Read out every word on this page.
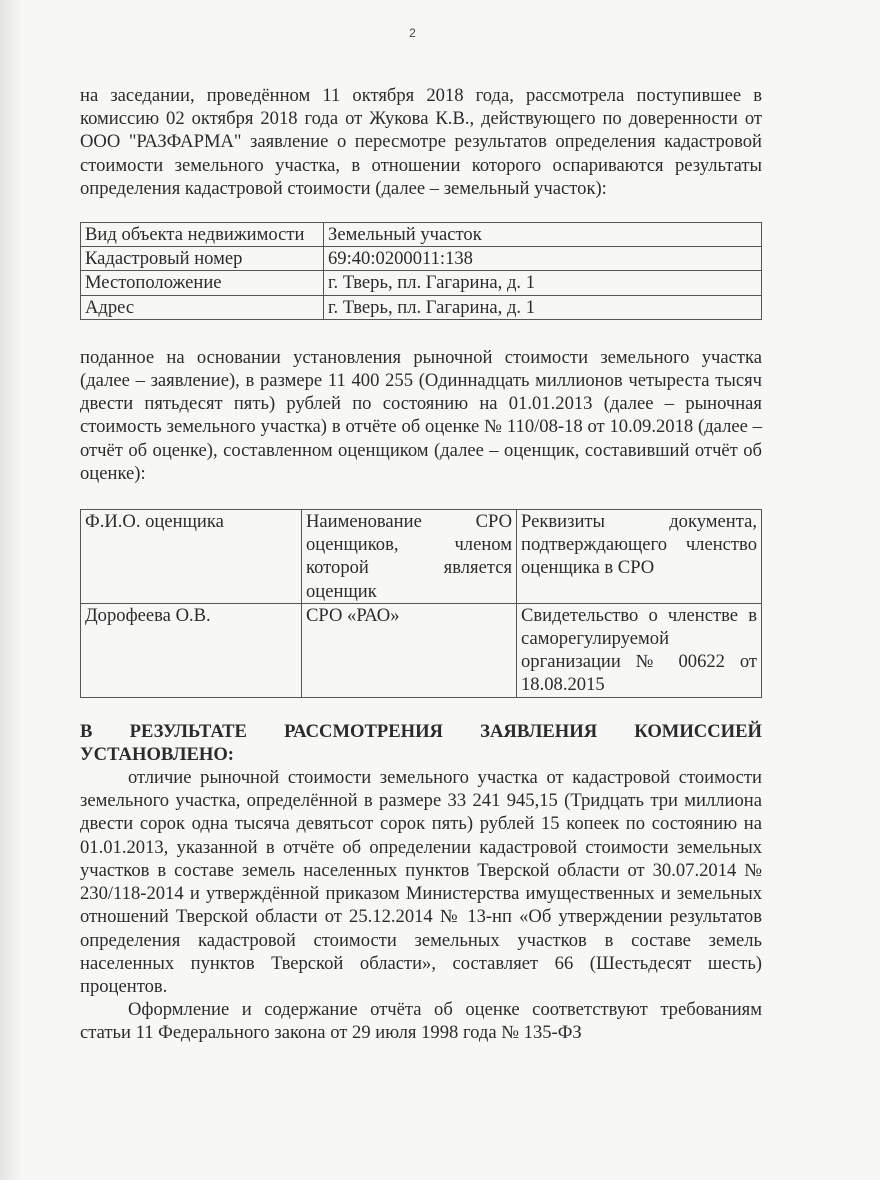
2

на заседании, проведённом 11 октября 2018 года, рассмотрела поступившее в комиссию 02 октября 2018 года от Жукова К.В., действующего по доверенности от ООО "РАЗФАРМА" заявление о пересмотре результатов определения кадастровой стоимости земельного участка, в отношении которого оспариваются результаты определения кадастровой стоимости (далее – земельный участок):

Вид объекта недвижимости	Земельный участок
Кадастровый номер	69:40:0200011:138
Местоположение	г. Тверь, пл. Гагарина, д. 1
Адрес	г. Тверь, пл. Гагарина, д. 1

поданное на основании установления рыночной стоимости земельного участка (далее – заявление), в размере 11 400 255 (Одиннадцать миллионов четыреста тысяч двести пятьдесят пять) рублей по состоянию на 01.01.2013 (далее – рыночная стоимость земельного участка) в отчёте об оценке № 110/08-18 от 10.09.2018 (далее – отчёт об оценке), составленном оценщиком (далее – оценщик, составивший отчёт об оценке):

Ф.И.О. оценщика	Наименование СРО оценщиков, членом которой является оценщик	Реквизиты документа, подтверждающего членство оценщика в СРО
Дорофеева О.В.	СРО «РАО»	Свидетельство о членстве в саморегулируемой организации № 00622 от 18.08.2015

В РЕЗУЛЬТАТЕ РАССМОТРЕНИЯ ЗАЯВЛЕНИЯ КОМИССИЕЙ УСТАНОВЛЕНО:

отличие рыночной стоимости земельного участка от кадастровой стоимости земельного участка, определённой в размере 33 241 945,15 (Тридцать три миллиона двести сорок одна тысяча девятьсот сорок пять) рублей 15 копеек по состоянию на 01.01.2013, указанной в отчёте об определении кадастровой стоимости земельных участков в составе земель населенных пунктов Тверской области от 30.07.2014 № 230/118-2014 и утверждённой приказом Министерства имущественных и земельных отношений Тверской области от 25.12.2014 № 13-нп «Об утверждении результатов определения кадастровой стоимости земельных участков в составе земель населенных пунктов Тверской области», составляет 66 (Шестьдесят шесть) процентов.

Оформление и содержание отчёта об оценке соответствуют требованиям статьи 11 Федерального закона от 29 июля 1998 года № 135-ФЗ
